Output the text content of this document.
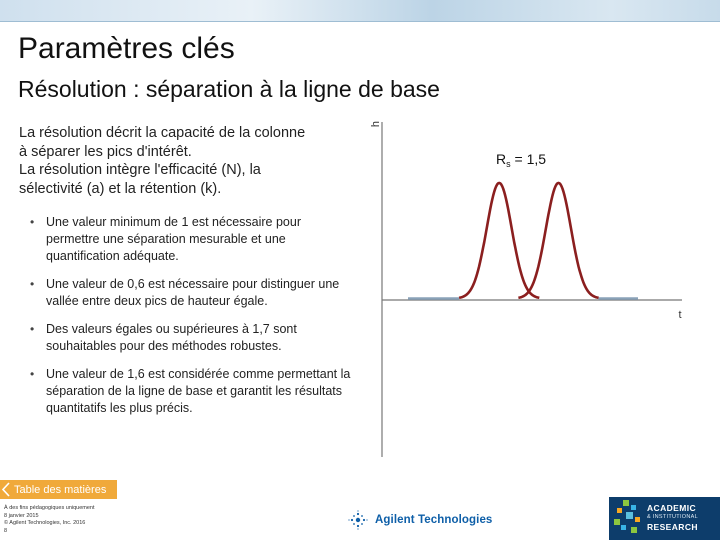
Paramètres clés
Résolution : séparation à la ligne de base
La résolution décrit la capacité de la colonne
à séparer les pics d'intérêt.
La résolution intègre l'efficacité (N), la
sélectivité (a) et la rétention (k).
• Une valeur minimum de 1 est nécessaire pour permettre une séparation mesurable et une quantification adéquate.
• Une valeur de 0,6 est nécessaire pour distinguer une vallée entre deux pics de hauteur égale.
• Des valeurs égales ou supérieures à 1,7 sont souhaitables pour des méthodes robustes.
• Une valeur de 1,6 est considérée comme permettant la séparation de la ligne de base et garantit les résultats quantitatifs les plus précis.
h
t
$R_s = 1,5$
Table des matières
À des fins pédagogiques uniquement
8 janvier 2015
© Agilent Technologies, Inc. 2016
8
Agilent Technologies
ACADEMIC
& INSTITUTIONAL
RESEARCH
